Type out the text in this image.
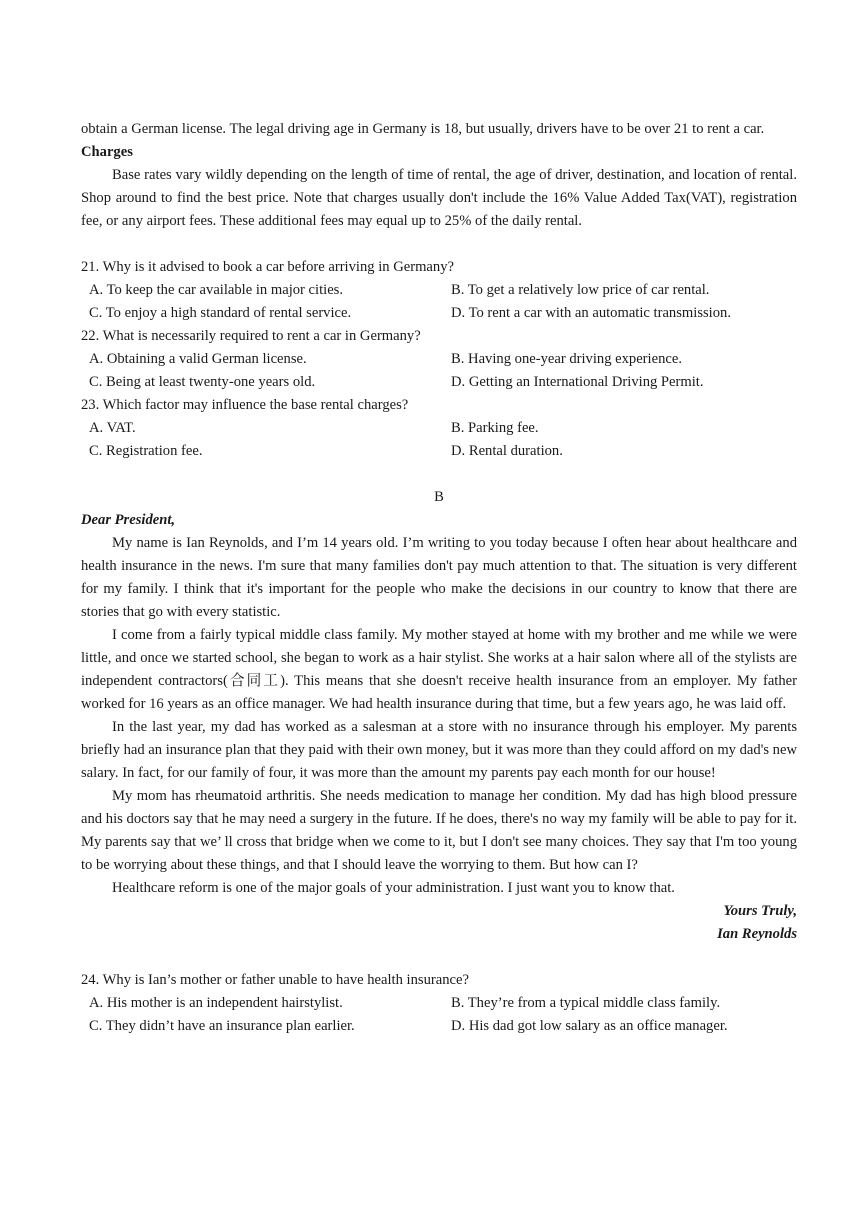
obtain a German license. The legal driving age in Germany is 18, but usually, drivers have to be over 21 to rent a car.

Charges

Base rates vary wildly depending on the length of time of rental, the age of driver, destination, and location of rental. Shop around to find the best price. Note that charges usually don't include the 16% Value Added Tax(VAT), registration fee, or any airport fees. These additional fees may equal up to 25% of the daily rental.

21. Why is it advised to book a car before arriving in Germany?
A. To keep the car available in major cities.	B. To get a relatively low price of car rental.
C. To enjoy a high standard of rental service.	D. To rent a car with an automatic transmission.
22. What is necessarily required to rent a car in Germany?
A. Obtaining a valid German license.	B. Having one-year driving experience.
C. Being at least twenty-one years old.	D. Getting an International Driving Permit.
23. Which factor may influence the base rental charges?
A. VAT.	B. Parking fee.
C. Registration fee.	D. Rental duration.
B
Dear President,

My name is Ian Reynolds, and I’m 14 years old. I’m writing to you today because I often hear about healthcare and health insurance in the news. I'm sure that many families don't pay much attention to that. The situation is very different for my family. I think that it's important for the people who make the decisions in our country to know that there are stories that go with every statistic.

I come from a fairly typical middle class family. My mother stayed at home with my brother and me while we were little, and once we started school, she began to work as a hair stylist. She works at a hair salon where all of the stylists are independent contractors(合同工). This means that she doesn't receive health insurance from an employer. My father worked for 16 years as an office manager. We had health insurance during that time, but a few years ago, he was laid off.

In the last year, my dad has worked as a salesman at a store with no insurance through his employer. My parents briefly had an insurance plan that they paid with their own money, but it was more than they could afford on my dad's new salary. In fact, for our family of four, it was more than the amount my parents pay each month for our house!

My mom has rheumatoid arthritis. She needs medication to manage her condition. My dad has high blood pressure and his doctors say that he may need a surgery in the future. If he does, there's no way my family will be able to pay for it. My parents say that we’ ll cross that bridge when we come to it, but I don't see many choices. They say that I'm too young to be worrying about these things, and that I should leave the worrying to them. But how can I?

Healthcare reform is one of the major goals of your administration. I just want you to know that.

Yours Truly,
Ian Reynolds
24. Why is Ian’s mother or father unable to have health insurance?
A. His mother is an independent hairstylist.	B. They’re from a typical middle class family.
C. They didn’t have an insurance plan earlier.	D. His dad got low salary as an office manager.
